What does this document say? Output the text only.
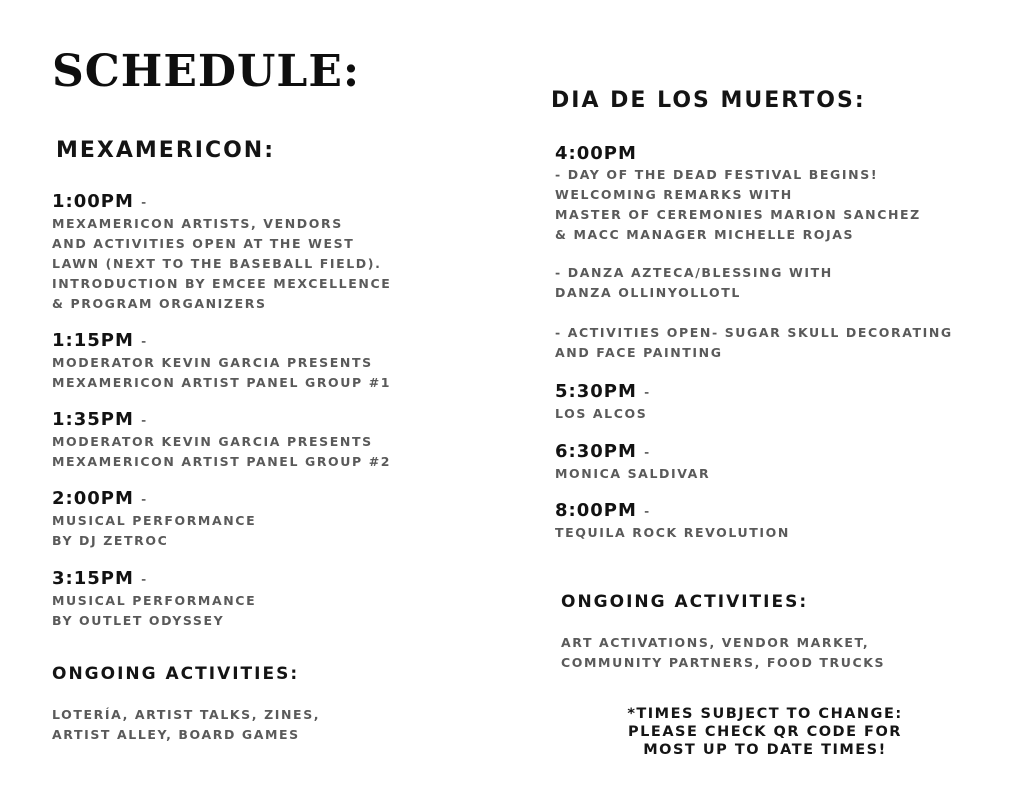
SCHEDULE:
MEXAMERICON:
1:00PM -
MEXAMERICON ARTISTS, VENDORS
AND ACTIVITIES OPEN AT THE WEST
LAWN (NEXT TO THE BASEBALL FIELD).
INTRODUCTION BY EMCEE MEXCELLENCE
& PROGRAM ORGANIZERS
1:15PM -
MODERATOR KEVIN GARCIA PRESENTS
MEXAMERICON ARTIST PANEL GROUP #1
1:35PM -
MODERATOR KEVIN GARCIA PRESENTS
MEXAMERICON ARTIST PANEL GROUP #2
2:00PM -
MUSICAL PERFORMANCE
BY DJ ZETROC
3:15PM -
MUSICAL PERFORMANCE
BY OUTLET ODYSSEY
ONGOING ACTIVITIES:
LOTERÍA, ARTIST TALKS, ZINES,
ARTIST ALLEY, BOARD GAMES
DIA DE LOS MUERTOS:
4:00PM
- DAY OF THE DEAD FESTIVAL BEGINS!
WELCOMING REMARKS WITH
MASTER OF CEREMONIES MARION SANCHEZ
& MACC MANAGER MICHELLE ROJAS
- DANZA AZTECA/BLESSING WITH
DANZA OLLINYOLLOTL
- ACTIVITIES OPEN- SUGAR SKULL DECORATING
AND FACE PAINTING
5:30PM -
LOS ALCOS
6:30PM -
MONICA SALDIVAR
8:00PM -
TEQUILA ROCK REVOLUTION
ONGOING ACTIVITIES:
ART ACTIVATIONS, VENDOR MARKET,
COMMUNITY PARTNERS, FOOD TRUCKS
*TIMES SUBJECT TO CHANGE:
PLEASE CHECK QR CODE FOR
MOST UP TO DATE TIMES!
